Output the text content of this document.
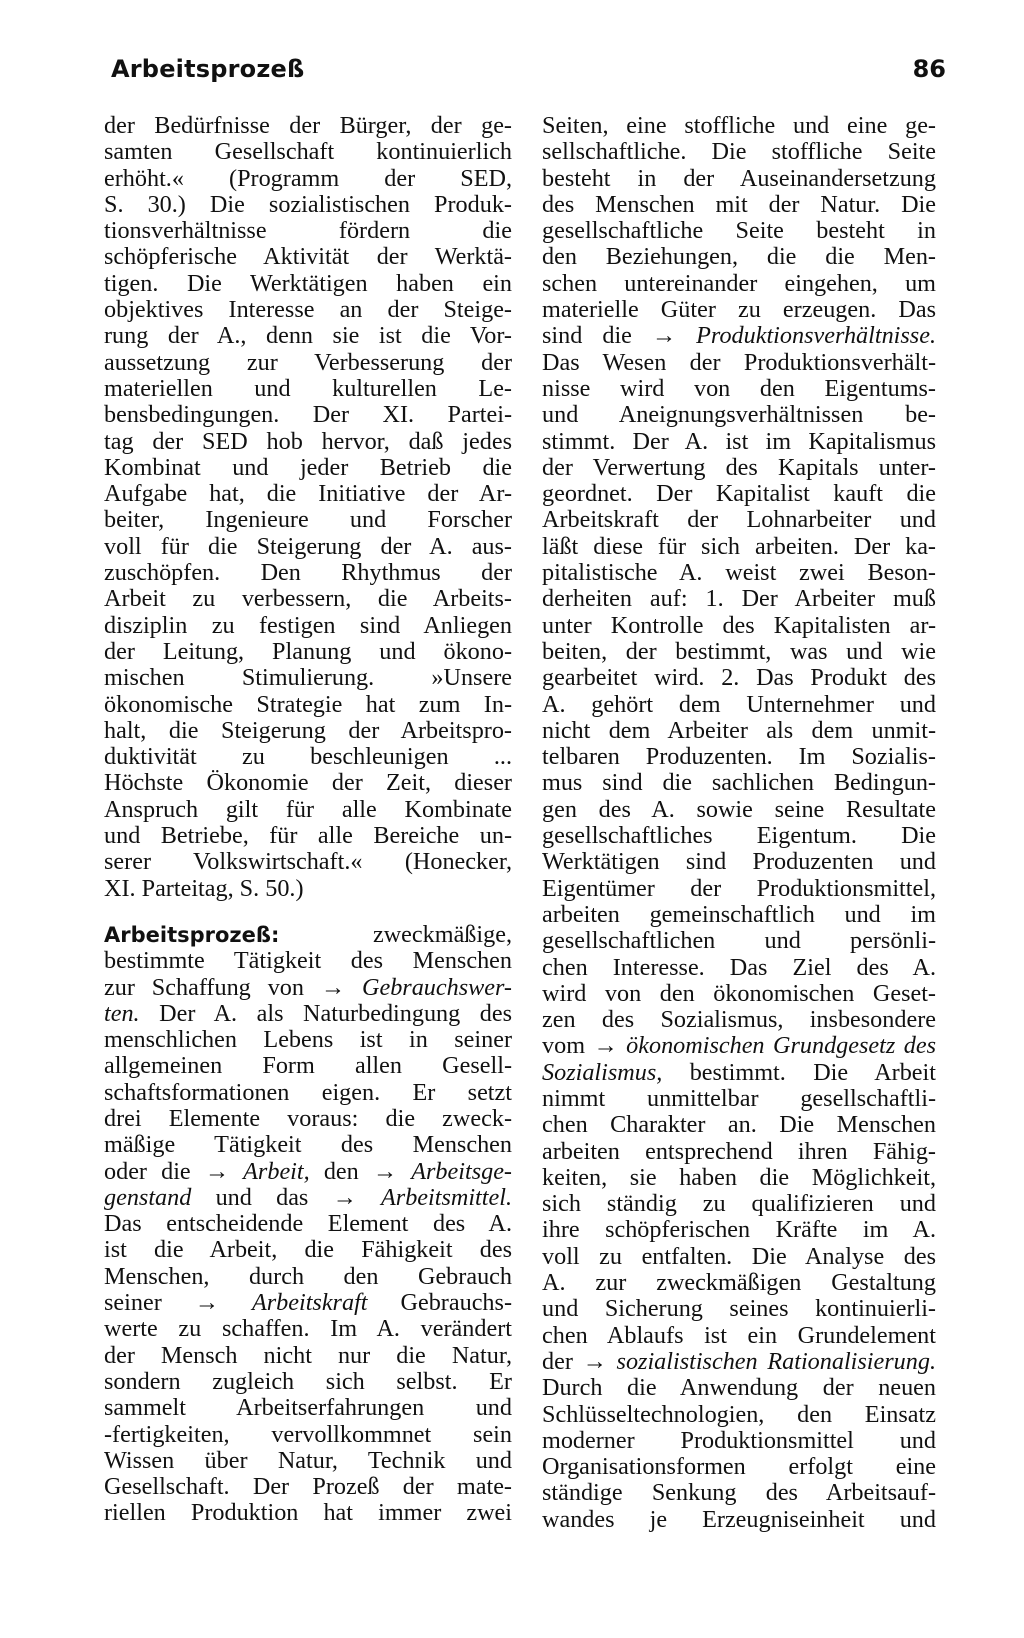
Arbeitsprozeß	86
der Bedürfnisse der Bürger, der ge-
samten Gesellschaft kontinuierlich
erhöht.« (Programm der SED,
S. 30.) Die sozialistischen Produk-
tionsverhältnisse fördern die
schöpferische Aktivität der Werktä-
tigen. Die Werktätigen haben ein
objektives Interesse an der Steige-
rung der A., denn sie ist die Vor-
aussetzung zur Verbesserung der
materiellen und kulturellen Le-
bensbedingungen. Der XI. Partei-
tag der SED hob hervor, daß jedes
Kombinat und jeder Betrieb die
Aufgabe hat, die Initiative der Ar-
beiter, Ingenieure und Forscher
voll für die Steigerung der A. aus-
zuschöpfen. Den Rhythmus der
Arbeit zu verbessern, die Arbeits-
disziplin zu festigen sind Anliegen
der Leitung, Planung und ökono-
mischen Stimulierung. »Unsere
ökonomische Strategie hat zum In-
halt, die Steigerung der Arbeitspro-
duktivität zu beschleunigen ...
Höchste Ökonomie der Zeit, dieser
Anspruch gilt für alle Kombinate
und Betriebe, für alle Bereiche un-
serer Volkswirtschaft.« (Honecker,
XI. Parteitag, S. 50.)
Arbeitsprozeß:	zweckmäßige,
bestimmte Tätigkeit des Menschen
zur Schaffung von → Gebrauchswer-
ten. Der A. als Naturbedingung des
menschlichen Lebens ist in seiner
allgemeinen Form allen Gesell-
schaftsformationen eigen. Er setzt
drei Elemente voraus: die zweck-
mäßige Tätigkeit des Menschen
oder die → Arbeit, den → Arbeitsge-
genstand und das → Arbeitsmittel.
Das entscheidende Element des A.
ist die Arbeit, die Fähigkeit des
Menschen, durch den Gebrauch
seiner → Arbeitskraft Gebrauchs-
werte zu schaffen. Im A. verändert
der Mensch nicht nur die Natur,
sondern zugleich sich selbst. Er
sammelt Arbeitserfahrungen und
-fertigkeiten, vervollkommnet sein
Wissen über Natur, Technik und
Gesellschaft. Der Prozeß der mate-
riellen Produktion hat immer zwei
Seiten, eine stoffliche und eine ge-
sellschaftliche. Die stoffliche Seite
besteht in der Auseinandersetzung
des Menschen mit der Natur. Die
gesellschaftliche Seite besteht in
den Beziehungen, die die Men-
schen untereinander eingehen, um
materielle Güter zu erzeugen. Das
sind die → Produktionsverhältnisse.
Das Wesen der Produktionsverhält-
nisse wird von den Eigentums-
und Aneignungsverhältnissen be-
stimmt. Der A. ist im Kapitalismus
der Verwertung des Kapitals unter-
geordnet. Der Kapitalist kauft die
Arbeitskraft der Lohnarbeiter und
läßt diese für sich arbeiten. Der ka-
pitalistische A. weist zwei Beson-
derheiten auf: 1. Der Arbeiter muß
unter Kontrolle des Kapitalisten ar-
beiten, der bestimmt, was und wie
gearbeitet wird. 2. Das Produkt des
A. gehört dem Unternehmer und
nicht dem Arbeiter als dem unmit-
telbaren Produzenten. Im Sozialis-
mus sind die sachlichen Bedingun-
gen des A. sowie seine Resultate
gesellschaftliches Eigentum. Die
Werktätigen sind Produzenten und
Eigentümer der Produktionsmittel,
arbeiten gemeinschaftlich und im
gesellschaftlichen und persönli-
chen Interesse. Das Ziel des A.
wird von den ökonomischen Geset-
zen des Sozialismus, insbesondere
vom → ökonomischen Grundgesetz des
Sozialismus, bestimmt. Die Arbeit
nimmt unmittelbar gesellschaftli-
chen Charakter an. Die Menschen
arbeiten entsprechend ihren Fähig-
keiten, sie haben die Möglichkeit,
sich ständig zu qualifizieren und
ihre schöpferischen Kräfte im A.
voll zu entfalten. Die Analyse des
A. zur zweckmäßigen Gestaltung
und Sicherung seines kontinuierli-
chen Ablaufs ist ein Grundelement
der → sozialistischen Rationalisierung.
Durch die Anwendung der neuen
Schlüsseltechnologien, den Einsatz
moderner Produktionsmittel und
Organisationsformen erfolgt eine
ständige Senkung des Arbeitsauf-
wandes je Erzeugniseinheit und
